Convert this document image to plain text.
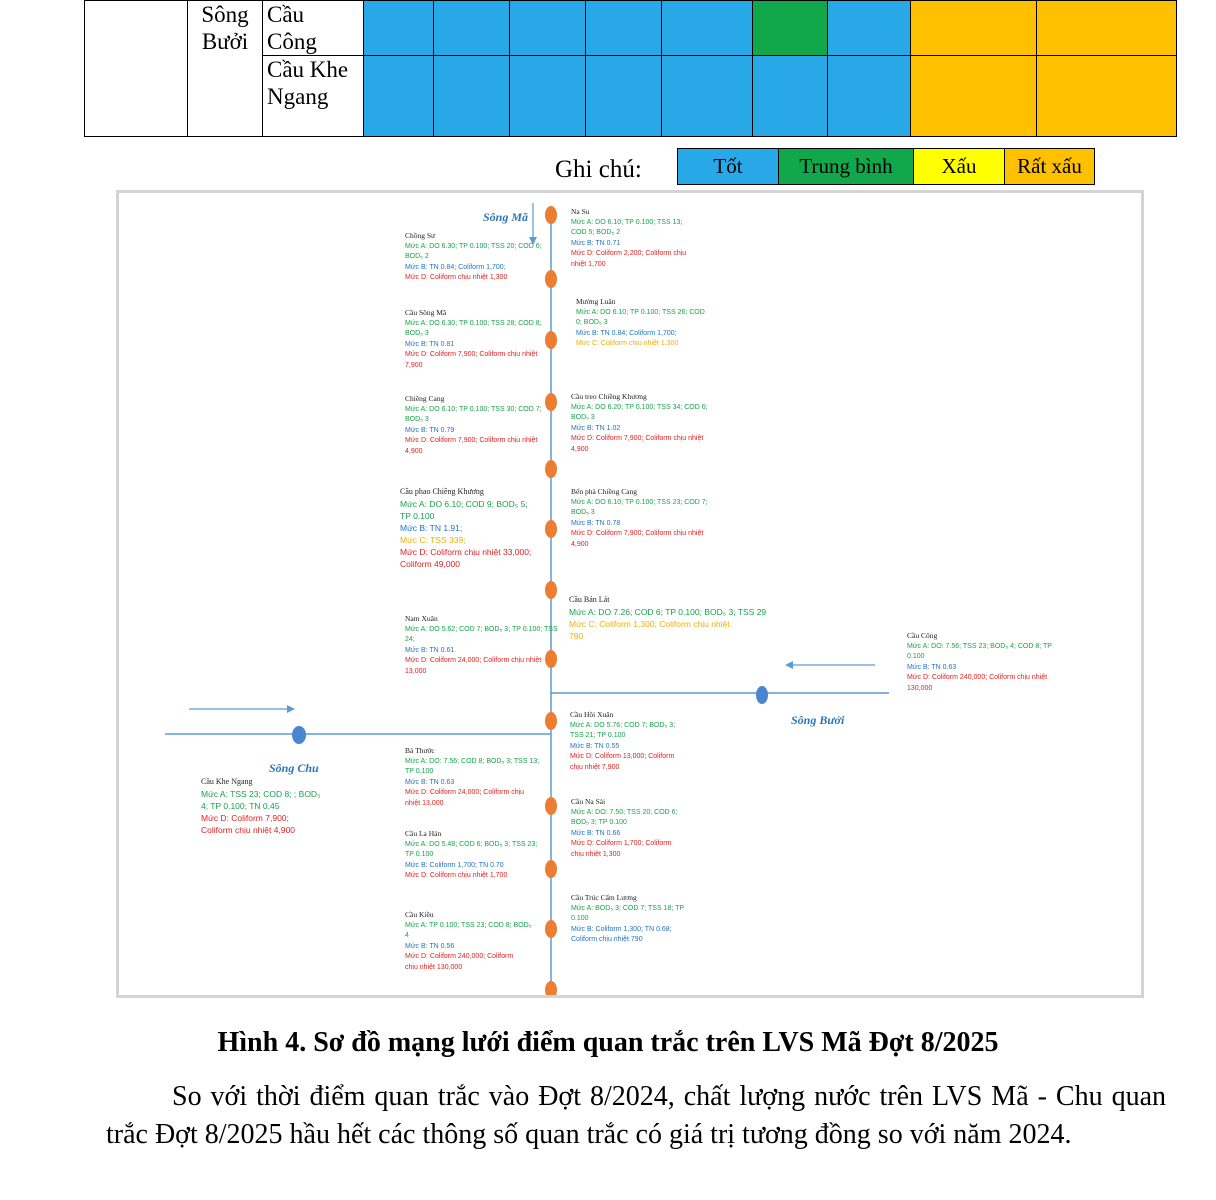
	Sông Bưởi	Cầu Công									
		Cầu Khe Ngang									
Ghi chú:	Tốt	Trung bình	Xấu	Rất xấu
Sông Mã
Sông Bưởi
Sông Chu
Na Su
Mức A: DO 6.10; TP 0.100; TSS 13;
COD 5; BOD₅ 2
Mức B: TN 0.71
Mức D: Coliform 2,200; Coliform chịu
nhiệt 1,700
Chồng Sư
Mức A: DO 6.30; TP 0.100; TSS 20; COD 6;
BOD₅ 2
Mức B: TN 0.84; Coliform 1,700;
Mức D: Coliform chịu nhiệt 1,300
Mường Luân
Mức A: DO 6.10; TP 0.100; TSS 26; COD
0; BOD₅ 3
Mức B: TN 0.84; Coliform 1,700;
Mức C: Coliform chịu nhiệt 1,300
Cầu Sông Mã
Mức A: DO 6.30; TP 0.100; TSS 28; COD 8;
BOD₅ 3
Mức B: TN 0.81
Mức D: Coliform 7,900; Coliform chịu nhiệt
7,900
Chiềng Cang
Mức A: DO 6.10; TP 0.100; TSS 30; COD 7;
BOD₅ 3
Mức B: TN 0.79
Mức D: Coliform 7,900; Coliform chịu nhiệt
4,900
Cầu treo Chiềng Khương
Mức A: DO 6.20; TP 0.100; TSS 34; COD 6;
BOD₅ 3
Mức B: TN 1.02
Mức D: Coliform 7,900; Coliform chịu nhiệt
4,900
Cầu phao Chiềng Khương
Mức A: DO 6.10; COD 9; BOD₅ 5;
TP 0.100
Mức B: TN 1.91;
Mức C: TSS 339;
Mức D: Coliform chịu nhiệt 33,000;
Coliform 49,000
Bến phà Chiềng Cang
Mức A: DO 6.10; TP 0.100; TSS 23; COD 7;
BOD₅ 3
Mức B: TN 0.78
Mức D: Coliform 7,900; Coliform chịu nhiệt
4,900
Cầu Bản Lát
Mức A: DO 7.26; COD 6; TP 0.100; BOD₅ 3; TSS 29
Mức C: Coliform 1,300; Coliform chịu nhiệt
790
Nam Xuân
Mức A: DO 5.62; COD 7; BOD₅ 3; TP 0.100; TSS
24;
Mức B: TN 0.61
Mức D: Coliform 24,000; Coliform chịu nhiệt
13,000
Cầu Công
Mức A: DO: 7.56; TSS 23; BOD₅ 4; COD 8; TP
0.100
Mức B: TN 0.63
Mức D: Coliform 240,000; Coliform chịu nhiệt
130,000
Cầu Hồi Xuân
Mức A: DO 5.76; COD 7; BOD₅ 3;
TSS 21; TP 0.100
Mức B: TN 0.55
Mức D: Coliform 13,000; Coliform
chịu nhiệt 7,900
Cầu Khe Ngang
Mức A: TSS 23; COD 8; ; BOD₅
4; TP 0.100; TN 0.45
Mức D: Coliform 7,900;
Coliform chịu nhiệt 4,900
Bá Thước
Mức A: DO: 7.56; COD 8; BOD₅ 3; TSS 13;
TP 0.100
Mức B: TN 0.63
Mức D: Coliform 24,000; Coliform chịu
nhiệt 13,000	Cầu Na Sài
Mức A: DO: 7.50; TSS 20; COD 6;
BOD₅ 3; TP 0.100
Mức B: TN 0.66
Mức D: Coliform 1,700; Coliform
chịu nhiệt 1,300
Cầu La Hán
Mức A: DO 5.48; COD 6; BOD₅ 3; TSS 23;
TP 0.100
Mức B: Coliform 1,700; TN 0.70
Mức D: Coliform chịu nhiệt 1,700
Cầu Trúc Cẩm Lương
Mức A: BOD₅ 3; COD 7; TSS 18; TP
0.100
Mức B: Coliform 1,300; TN 0.68;
Coliform chịu nhiệt 790
Cầu Kiều
Mức A: TP 0.100; TSS 23; COD 8; BOD₅
4
Mức B: TN 0.56
Mức D: Coliform 240,000; Coliform
chịu nhiệt 130,000
Hình 4. Sơ đồ mạng lưới điểm quan trắc trên LVS Mã Đợt 8/2025

So với thời điểm quan trắc vào Đợt 8/2024, chất lượng nước trên LVS Mã - Chu quan trắc Đợt 8/2025 hầu hết các thông số quan trắc có giá trị tương đồng so với năm 2024.
